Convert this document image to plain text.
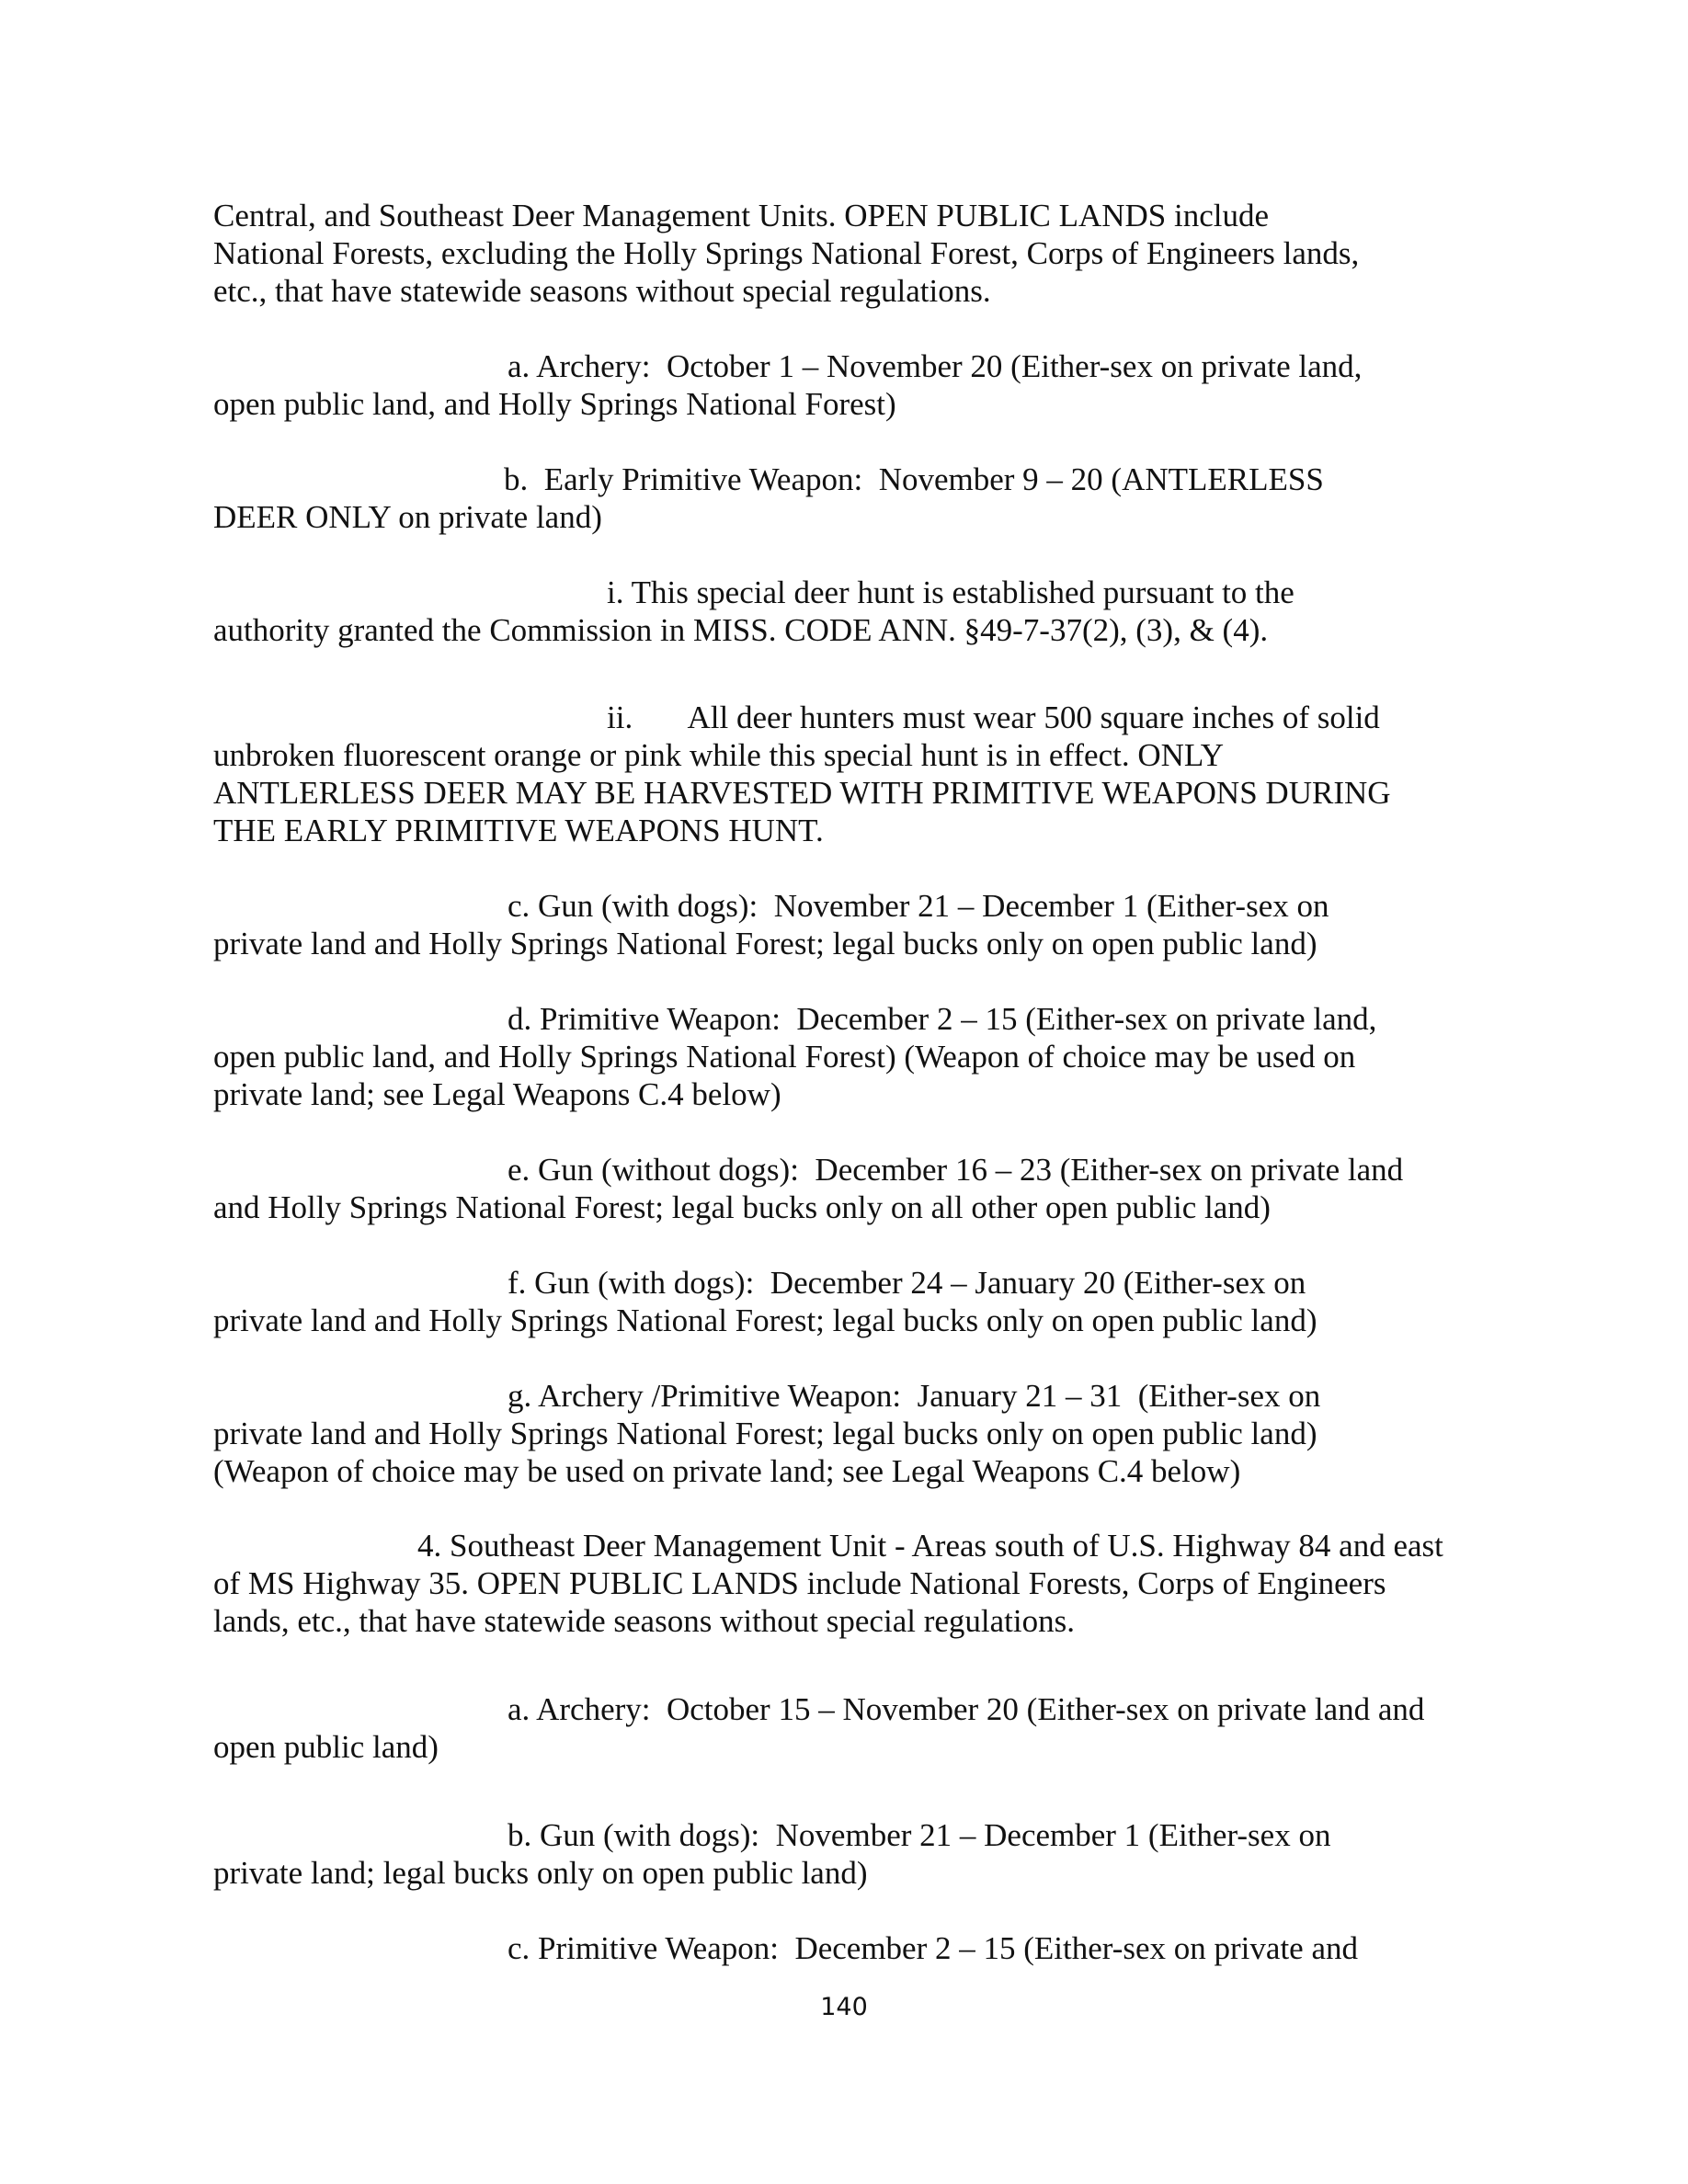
Central, and Southeast Deer Management Units. OPEN PUBLIC LANDS include
National Forests, excluding the Holly Springs National Forest, Corps of Engineers lands,
etc., that have statewide seasons without special regulations.

a. Archery:  October 1 – November 20 (Either-sex on private land,
open public land, and Holly Springs National Forest)

b.  Early Primitive Weapon:  November 9 – 20 (ANTLERLESS
DEER ONLY on private land)

i. This special deer hunt is established pursuant to the
authority granted the Commission in MISS. CODE ANN. §49-7-37(2), (3), & (4).

ii.       All deer hunters must wear 500 square inches of solid
unbroken fluorescent orange or pink while this special hunt is in effect. ONLY
ANTLERLESS DEER MAY BE HARVESTED WITH PRIMITIVE WEAPONS DURING
THE EARLY PRIMITIVE WEAPONS HUNT.

c. Gun (with dogs):  November 21 – December 1 (Either-sex on
private land and Holly Springs National Forest; legal bucks only on open public land)

d. Primitive Weapon:  December 2 – 15 (Either-sex on private land,
open public land, and Holly Springs National Forest) (Weapon of choice may be used on
private land; see Legal Weapons C.4 below)

e. Gun (without dogs):  December 16 – 23 (Either-sex on private land
and Holly Springs National Forest; legal bucks only on all other open public land)

f. Gun (with dogs):  December 24 – January 20 (Either-sex on
private land and Holly Springs National Forest; legal bucks only on open public land)

g. Archery /Primitive Weapon:  January 21 – 31  (Either-sex on
private land and Holly Springs National Forest; legal bucks only on open public land)
(Weapon of choice may be used on private land; see Legal Weapons C.4 below)

4. Southeast Deer Management Unit - Areas south of U.S. Highway 84 and east
of MS Highway 35. OPEN PUBLIC LANDS include National Forests, Corps of Engineers
lands, etc., that have statewide seasons without special regulations.

a. Archery:  October 15 – November 20 (Either-sex on private land and
open public land)

b. Gun (with dogs):  November 21 – December 1 (Either-sex on
private land; legal bucks only on open public land)

c. Primitive Weapon:  December 2 – 15 (Either-sex on private and

140
